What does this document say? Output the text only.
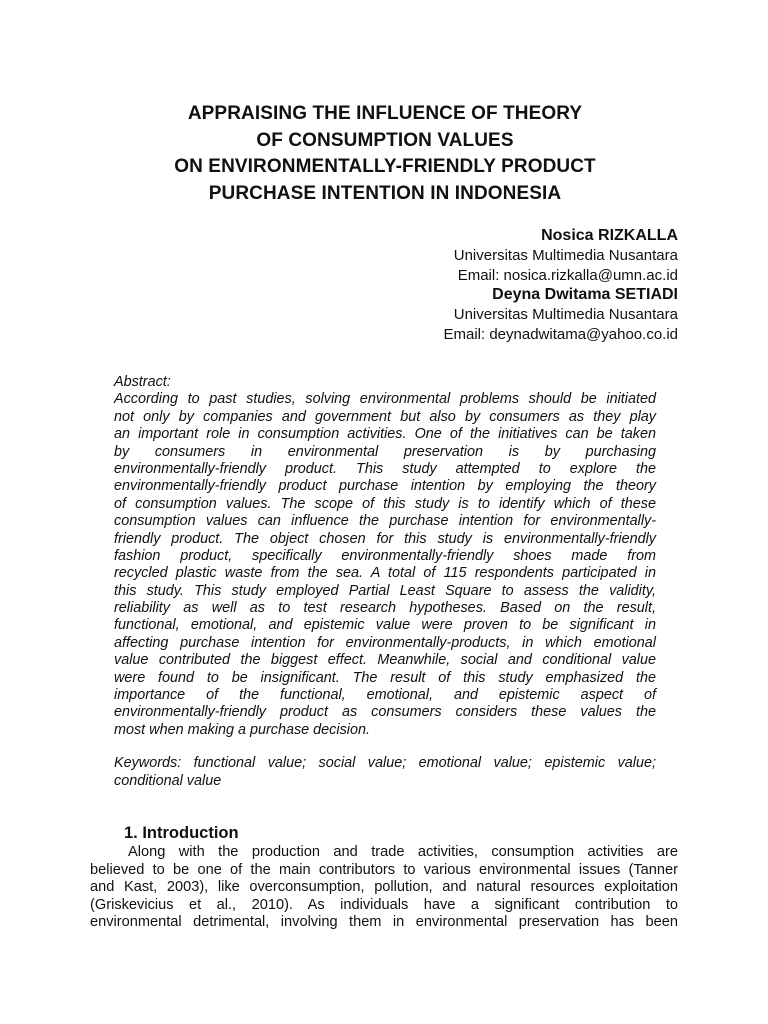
APPRAISING THE INFLUENCE OF THEORY
OF CONSUMPTION VALUES
ON ENVIRONMENTALLY-FRIENDLY PRODUCT
PURCHASE INTENTION IN INDONESIA
Nosica RIZKALLA
Universitas Multimedia Nusantara
Email: nosica.rizkalla@umn.ac.id
Deyna Dwitama SETIADI
Universitas Multimedia Nusantara
Email: deynadwitama@yahoo.co.id
Abstract:
According to past studies, solving environmental problems should be initiated
not only by companies and government but also by consumers as they play
an important role in consumption activities. One of the initiatives can be taken
by consumers in environmental preservation is by purchasing
environmentally-friendly product. This study attempted to explore the
environmentally-friendly product purchase intention by employing the theory
of consumption values. The scope of this study is to identify which of these
consumption values can influence the purchase intention for environmentally-
friendly product. The object chosen for this study is environmentally-friendly
fashion product, specifically environmentally-friendly shoes made from
recycled plastic waste from the sea. A total of 115 respondents participated in
this study. This study employed Partial Least Square to assess the validity,
reliability as well as to test research hypotheses. Based on the result,
functional, emotional, and epistemic value were proven to be significant in
affecting purchase intention for environmentally-products, in which emotional
value contributed the biggest effect. Meanwhile, social and conditional value
were found to be insignificant. The result of this study emphasized the
importance of the functional, emotional, and epistemic aspect of
environmentally-friendly product as consumers considers these values the
most when making a purchase decision.
Keywords: functional value; social value; emotional value; epistemic value;
conditional value
1. Introduction
Along with the production and trade activities, consumption activities are
believed to be one of the main contributors to various environmental issues (Tanner
and Kast, 2003), like overconsumption, pollution, and natural resources exploitation
(Griskevicius et al., 2010). As individuals have a significant contribution to
environmental detrimental, involving them in environmental preservation has been
